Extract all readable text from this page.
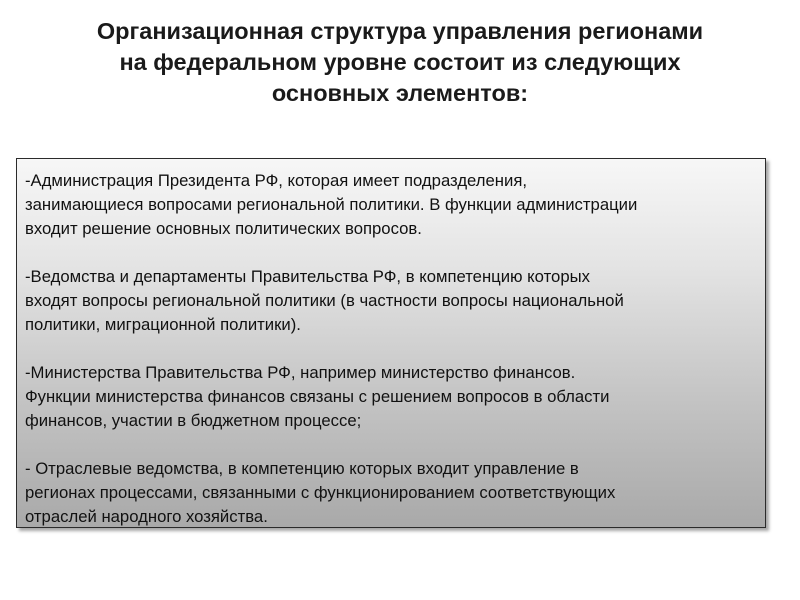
Организационная структура управления регионами
на федеральном уровне состоит из следующих
основных элементов:
-Администрация Президента РФ, которая имеет подразделения,
занимающиеся вопросами региональной политики. В функции администрации
входит решение основных политических вопросов.
-Ведомства и департаменты Правительства РФ, в компетенцию которых
входят вопросы региональной политики (в частности вопросы национальной
политики, миграционной политики).
-Министерства Правительства РФ, например министерство финансов.
Функции министерства финансов связаны с решением вопросов в области
финансов, участии в бюджетном процессе;
- Отраслевые ведомства, в компетенцию которых входит управление в
регионах процессами, связанными с функционированием соответствующих
отраслей народного хозяйства.
